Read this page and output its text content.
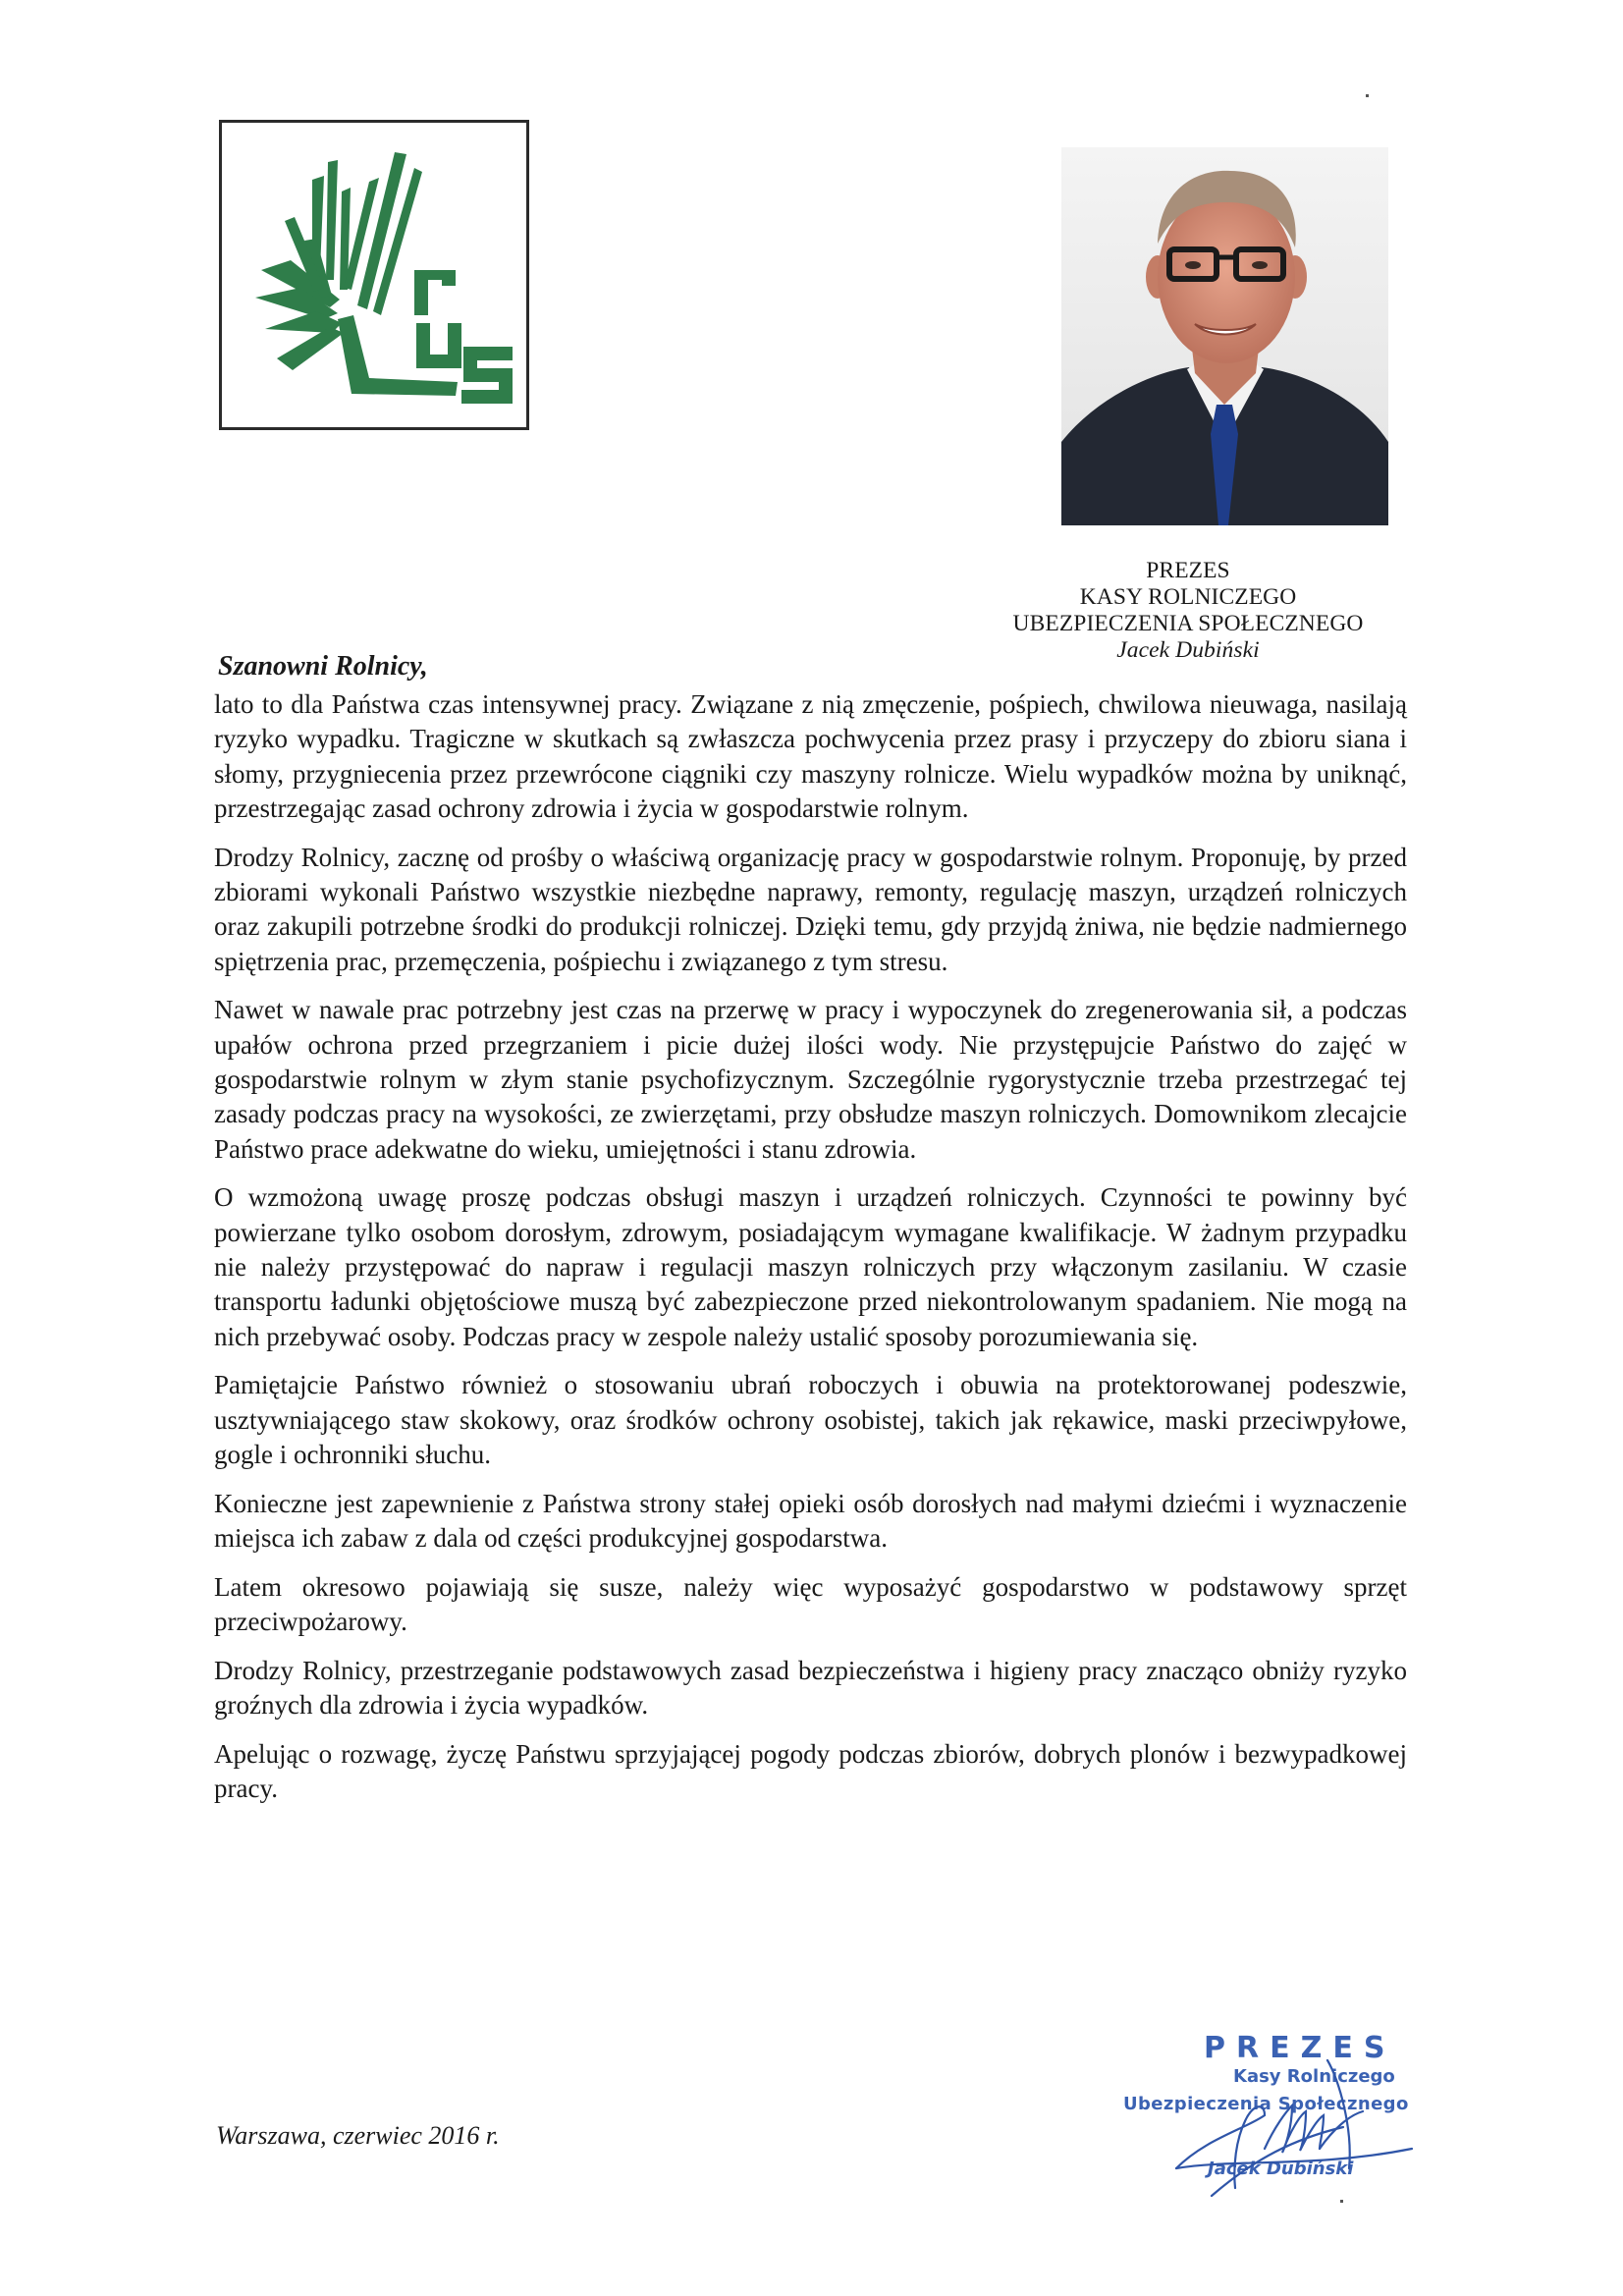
PREZES
KASY ROLNICZEGO
UBEZPIECZENIA SPOŁECZNEGO
Jacek Dubiński
Szanowni Rolnicy,

lato to dla Państwa czas intensywnej pracy. Związane z nią zmęczenie, pośpiech, chwilowa nieuwaga, nasilają ryzyko wypadku. Tragiczne w skutkach są zwłaszcza pochwycenia przez prasy i przyczepy do zbioru siana i słomy, przygniecenia przez przewrócone ciągniki czy maszyny rolnicze. Wielu wypadków można by uniknąć, przestrzegając zasad ochrony zdrowia i życia w gospodarstwie rolnym.

Drodzy Rolnicy, zacznę od prośby o właściwą organizację pracy w gospodarstwie rolnym. Proponuję, by przed zbiorami wykonali Państwo wszystkie niezbędne naprawy, remonty, regulację maszyn, urządzeń rolniczych oraz zakupili potrzebne środki do produkcji rolniczej. Dzięki temu, gdy przyjdą żniwa, nie będzie nadmiernego spiętrzenia prac, przemęczenia, pośpiechu i związanego z tym stresu.

Nawet w nawale prac potrzebny jest czas na przerwę w pracy i wypoczynek do zregenerowania sił, a podczas upałów ochrona przed przegrzaniem i picie dużej ilości wody. Nie przystępujcie Państwo do zajęć w gospodarstwie rolnym w złym stanie psychofizycznym. Szczególnie rygorystycznie trzeba przestrzegać tej zasady podczas pracy na wysokości, ze zwierzętami, przy obsłudze maszyn rolniczych. Domownikom zlecajcie Państwo prace adekwatne do wieku, umiejętności i stanu zdrowia.

O wzmożoną uwagę proszę podczas obsługi maszyn i urządzeń rolniczych. Czynności te powinny być powierzane tylko osobom dorosłym, zdrowym, posiadającym wymagane kwalifikacje. W żadnym przypadku nie należy przystępować do napraw i regulacji maszyn rolniczych przy włączonym zasilaniu. W czasie transportu ładunki objętościowe muszą być zabezpieczone przed niekontrolowanym spadaniem. Nie mogą na nich przebywać osoby. Podczas pracy w zespole należy ustalić sposoby porozumiewania się.

Pamiętajcie Państwo również o stosowaniu ubrań roboczych i obuwia na protektorowanej podeszwie, usztywniającego staw skokowy, oraz środków ochrony osobistej, takich jak rękawice, maski przeciwpyłowe, gogle i ochronniki słuchu.

Konieczne jest zapewnienie z Państwa strony stałej opieki osób dorosłych nad małymi dziećmi i wyznaczenie miejsca ich zabaw z dala od części produkcyjnej gospodarstwa.

Latem okresowo pojawiają się susze, należy więc wyposażyć gospodarstwo w podstawowy sprzęt przeciwpożarowy.

Drodzy Rolnicy, przestrzeganie podstawowych zasad bezpieczeństwa i higieny pracy znacząco obniży ryzyko groźnych dla zdrowia i życia wypadków.

Apelując o rozwagę, życzę Państwu sprzyjającej pogody podczas zbiorów, dobrych plonów i bezwypadkowej pracy.

Warszawa, czerwiec 2016 r.
PREZES
Kasy Rolniczego
Ubezpieczenia Społecznego
Jacek Dubiński
